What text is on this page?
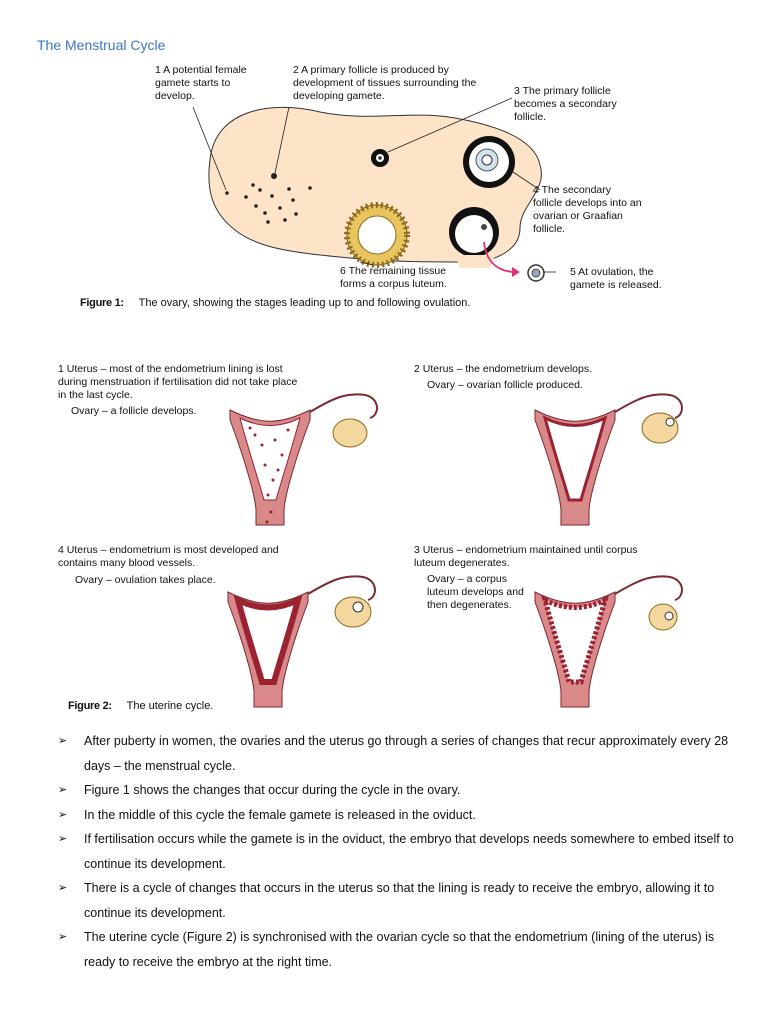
The Menstrual Cycle
1 A potential female gamete starts to develop.
2 A primary follicle is produced by development of tissues surrounding the developing gamete.	3 The primary follicle becomes a secondary follicle.
4 The secondary follicle develops into an ovarian or Graafian follicle.
5 At ovulation, the gamete is released.
6 The remaining tissue forms a corpus luteum.
Figure 1: The ovary, showing the stages leading up to and following ovulation.
1 Uterus – most of the endometrium lining is lost during menstruation if fertilisation did not take place in the last cycle.
Ovary – a follicle develops.
2 Uterus – the endometrium develops.
Ovary – ovarian follicle produced.
4 Uterus – endometrium is most developed and contains many blood vessels.
Ovary – ovulation takes place.
3 Uterus – endometrium maintained until corpus luteum degenerates.
Ovary – a corpus luteum develops and then degenerates.
Figure 2: The uterine cycle.
➢ After puberty in women, the ovaries and the uterus go through a series of changes that recur approximately every 28 days – the menstrual cycle.
➢ Figure 1 shows the changes that occur during the cycle in the ovary.
➢ In the middle of this cycle the female gamete is released in the oviduct.
➢ If fertilisation occurs while the gamete is in the oviduct, the embryo that develops needs somewhere to embed itself to continue its development.
➢ There is a cycle of changes that occurs in the uterus so that the lining is ready to receive the embryo, allowing it to continue its development.
➢ The uterine cycle (Figure 2) is synchronised with the ovarian cycle so that the endometrium (lining of the uterus) is ready to receive the embryo at the right time.
